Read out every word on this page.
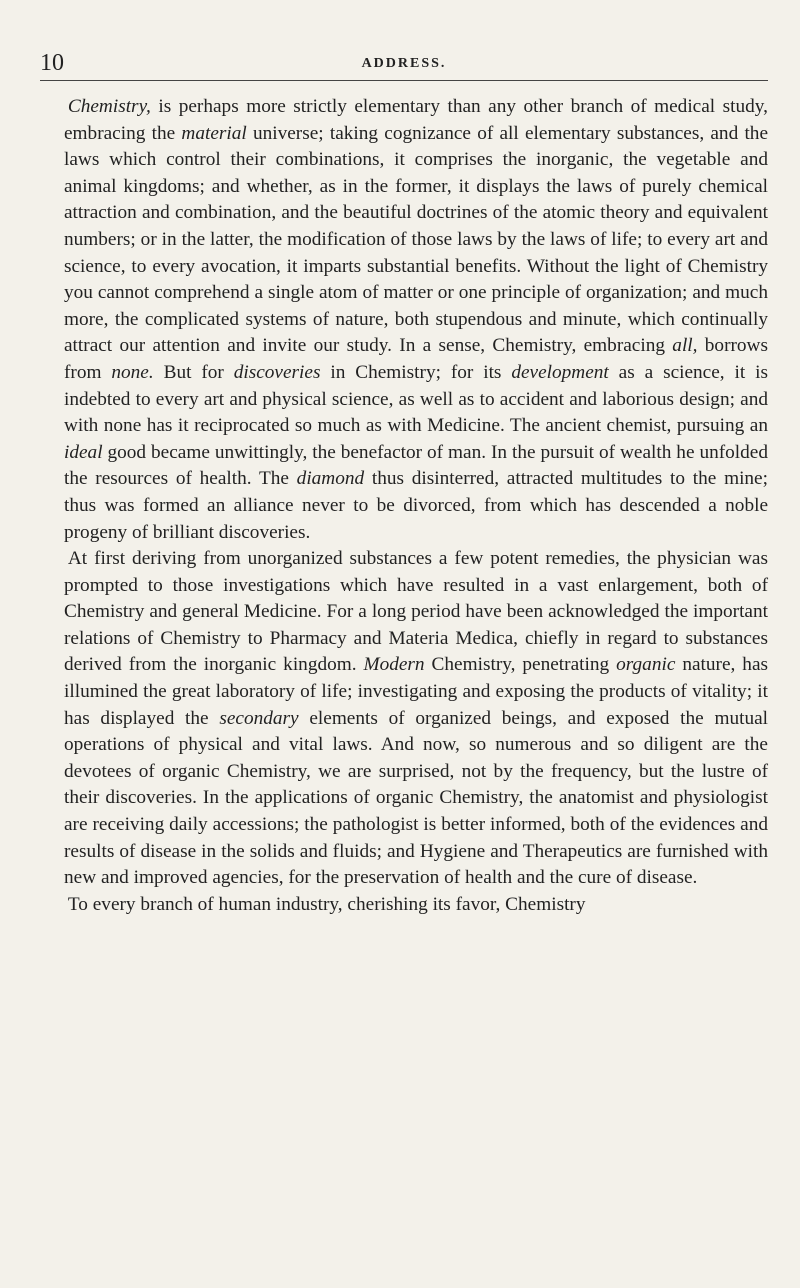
10	ADDRESS.

Chemistry, is perhaps more strictly elementary than any other branch of medical study, embracing the material universe; taking cognizance of all elementary substances, and the laws which control their combinations, it comprises the inorganic, the vegetable and animal kingdoms; and whether, as in the former, it displays the laws of purely chemical attraction and combination, and the beautiful doctrines of the atomic theory and equivalent numbers; or in the latter, the modification of those laws by the laws of life; to every art and science, to every avocation, it imparts substantial benefits. Without the light of Chemistry you cannot comprehend a single atom of matter or one principle of organization; and much more, the complicated systems of nature, both stupendous and minute, which continually attract our attention and invite our study. In a sense, Chemistry, embracing all, borrows from none. But for discoveries in Chemistry; for its development as a science, it is indebted to every art and physical science, as well as to accident and laborious design; and with none has it reciprocated so much as with Medicine. The ancient chemist, pursuing an ideal good became unwittingly, the benefactor of man. In the pursuit of wealth he unfolded the resources of health. The diamond thus disinterred, attracted multitudes to the mine; thus was formed an alliance never to be divorced, from which has descended a noble progeny of brilliant discoveries.

At first deriving from unorganized substances a few potent remedies, the physician was prompted to those investigations which have resulted in a vast enlargement, both of Chemistry and general Medicine. For a long period have been acknowledged the important relations of Chemistry to Pharmacy and Materia Medica, chiefly in regard to substances derived from the inorganic kingdom. Modern Chemistry, penetrating organic nature, has illumined the great laboratory of life; investigating and exposing the products of vitality; it has displayed the secondary elements of organized beings, and exposed the mutual operations of physical and vital laws. And now, so numerous and so diligent are the devotees of organic Chemistry, we are surprised, not by the frequency, but the lustre of their discoveries. In the applications of organic Chemistry, the anatomist and physiologist are receiving daily accessions; the pathologist is better informed, both of the evidences and results of disease in the solids and fluids; and Hygiene and Therapeutics are furnished with new and improved agencies, for the preservation of health and the cure of disease.

To every branch of human industry, cherishing its favor, Chemistry
